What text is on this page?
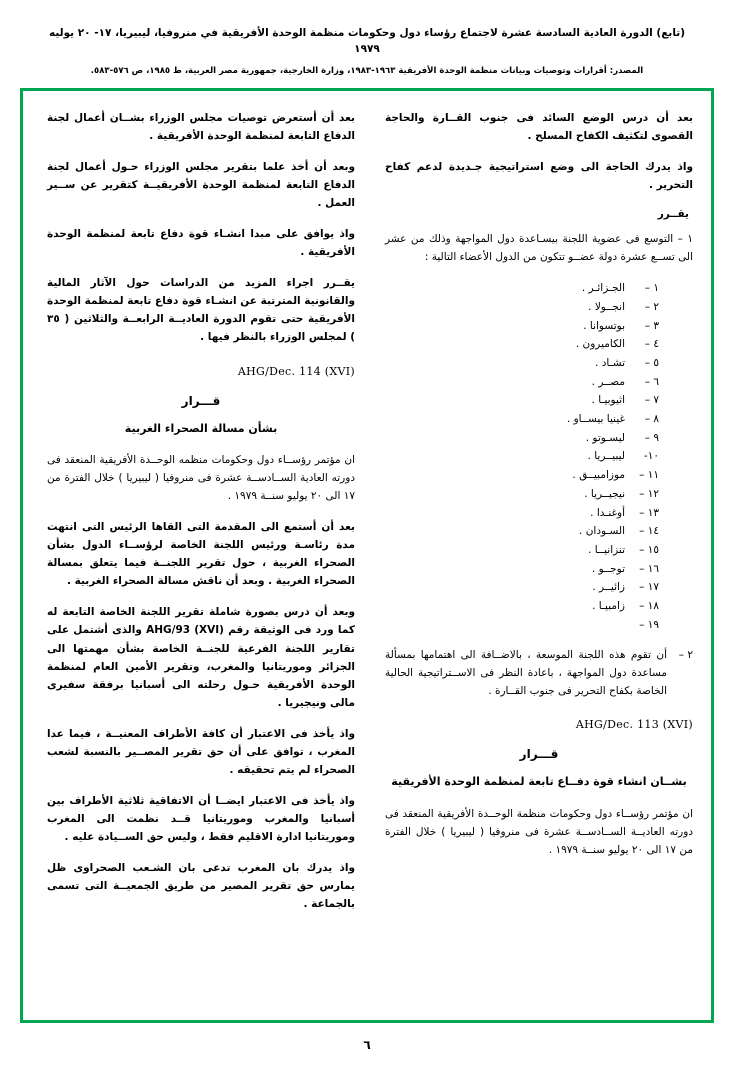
(تابع) الدورة العادية السادسة عشرة لاجتماع رؤساء دول وحكومات منظمة الوحدة الأفريقية في منروفيا، ليبيريا، ١٧- ٢٠ يوليه ١٩٧٩
المصدر: أقرارات وتوصيات وبيانات منظمة الوحدة الأفريقية ١٩٦٣-١٩٨٣، وزارة الخارجية، جمهورية مصر العربية، ط ١٩٨٥، ص ٥٧٦-٥٨٣.

بعد أن درس الوضع السائد فى جنوب القــارة والحاجة القصوى لتكثيف الكفاح المسلح .

واذ يدرك الحاجة الى وضع استراتيجية جـديدة لدعم كفاح التحرير .

يقــرر

١ – التوسع فى عضوية اللجنة بيسـاعدة دول المواجهة وذلك من عشر الى تســع عشرة دولة عضــو تتكون من الدول الأعضاء التالية :

١ –
الجـزائـر .
٢ –
انجــولا .
٣ –
بوتسوانا .
٤ –
الكاميرون .
٥ –
تشـاد .
٦ –
مصــر .
٧ –
اثيوبيـا .
٨ –
غينيا بيســاو .
٩ –
ليسـوتو .
١٠-
ليبيــريا .
١١ –
موزامبيــق .
١٢ –
نيجيــريا .
١٣ –
أوغنـدا .
١٤ –
السـودان .
١٥ –
تنزانيــا .
١٦ –
توجــو .
١٧ –
زائيــر .
١٨ –
زامبيـا .
١٩ –
٢ –
أن تقوم هذه اللجنة الموسعة ، بالاضــافة الى اهتمامها بمسألة مساعدة دول المواجهة ، باعادة النظر فى الاســتراتيجية الحالية الخاصة بكفاح التحرير فى جنوب القــارة .
AHG/Dec. 113 (XVI)
قـــرار
بشــان انشاء قوة دفــاع تابعة لمنظمة الوحدة الأفريقية

ان مؤتمر رؤســاء دول وحكومات منظمة الوحــدة الأفريقية المنعقد فى دورته العاديــة الســادســة عشرة فى منروفيا ( ليبيريا ) خلال الفترة من ١٧ الى ٢٠ يوليو سنــة ١٩٧٩ .

بعد أن أستعرض توصيات مجلس الوزراء بشــان أعمال لجنة الدفاع التابعة لمنظمة الوحدة الأفريقية .

وبعد أن أخذ علما بتقرير مجلس الوزراء حـول أعمال لجنة الدفاع التابعة لمنظمة الوحدة الأفريقيــة كتقرير عن ســير العمل .

واذ يوافق على مبدا انشـاء قوة دفاع تابعة لمنظمة الوحدة الأفريقية .

يقــرر اجراء المزيد من الدراسات حول الآثار المالية والقانونية المترتبة عن انشـاء قوة دفاع تابعة لمنظمة الوحدة الأفريقية حتى تقوم الدورة العاديــة الرابعــة والثلاثين ( ٣٥ ) لمجلس الوزراء بالنظر فيها .

AHG/Dec. 114 (XVI)
قـــرار
بشأن مسالة الصحراء الغربية

ان مؤتمر رؤســاء دول وحكومات منظمه الوحــدة الأفريقية المنعقد فى دورته العادية الســادســة عشرة فى منروفيا ( ليبيريا ) خلال الفترة من ١٧ الى ٢٠ يوليو سنــة ١٩٧٩ .

بعد أن أستمع الى المقدمة التى القاها الرئيس التى انتهت مدة رئاسـة ورئيس اللجنة الخاصة لرؤســاء الدول بشأن الصحراء الغربية ، حول تقرير اللجنــة فيما يتعلق بمسالة الصحراء الغربية . وبعد أن ناقش مسالة الصحراء الغربية .

وبعد أن درس بصورة شاملة تقرير اللجنة الخاصة التابعة له كما ورد فى الوثيقة رقم AHG/93 (XVI) والذى أشتمل على تقارير اللجنة الفرعية للجنــة الخاصة بشأن مهمتها الى الجزائر وموريتانيا والمغرب، وتقرير الأمين العام لمنظمة الوحدة الأفريقية حـول رحلته الى أسبانيا برفقة سفيرى مالى ونيجيريا .

واذ يأخذ فى الاعتبار أن كافة الأطراف المعنيــة ، فيما عدا المغرب ، توافق على أن حق تقرير المصــير بالنسبة لشعب الصحراء لم يتم تحقيقه .

واذ يأخذ فى الاعتبار ايضــا أن الاتفاقية ثلاثية الأطراف بين أسبانيا والمغرب وموريتانيا قــد نظمت الى المغرب وموريتانيا ادارة الاقليم فقط ، وليس حق الســيادة عليه .

واذ يدرك بان المغرب تدعى بان الشـعب الصحراوى ظل يمارس حق تقرير المصير من طريق الجمعيــة التى تسمى بالجماعة .

٦
